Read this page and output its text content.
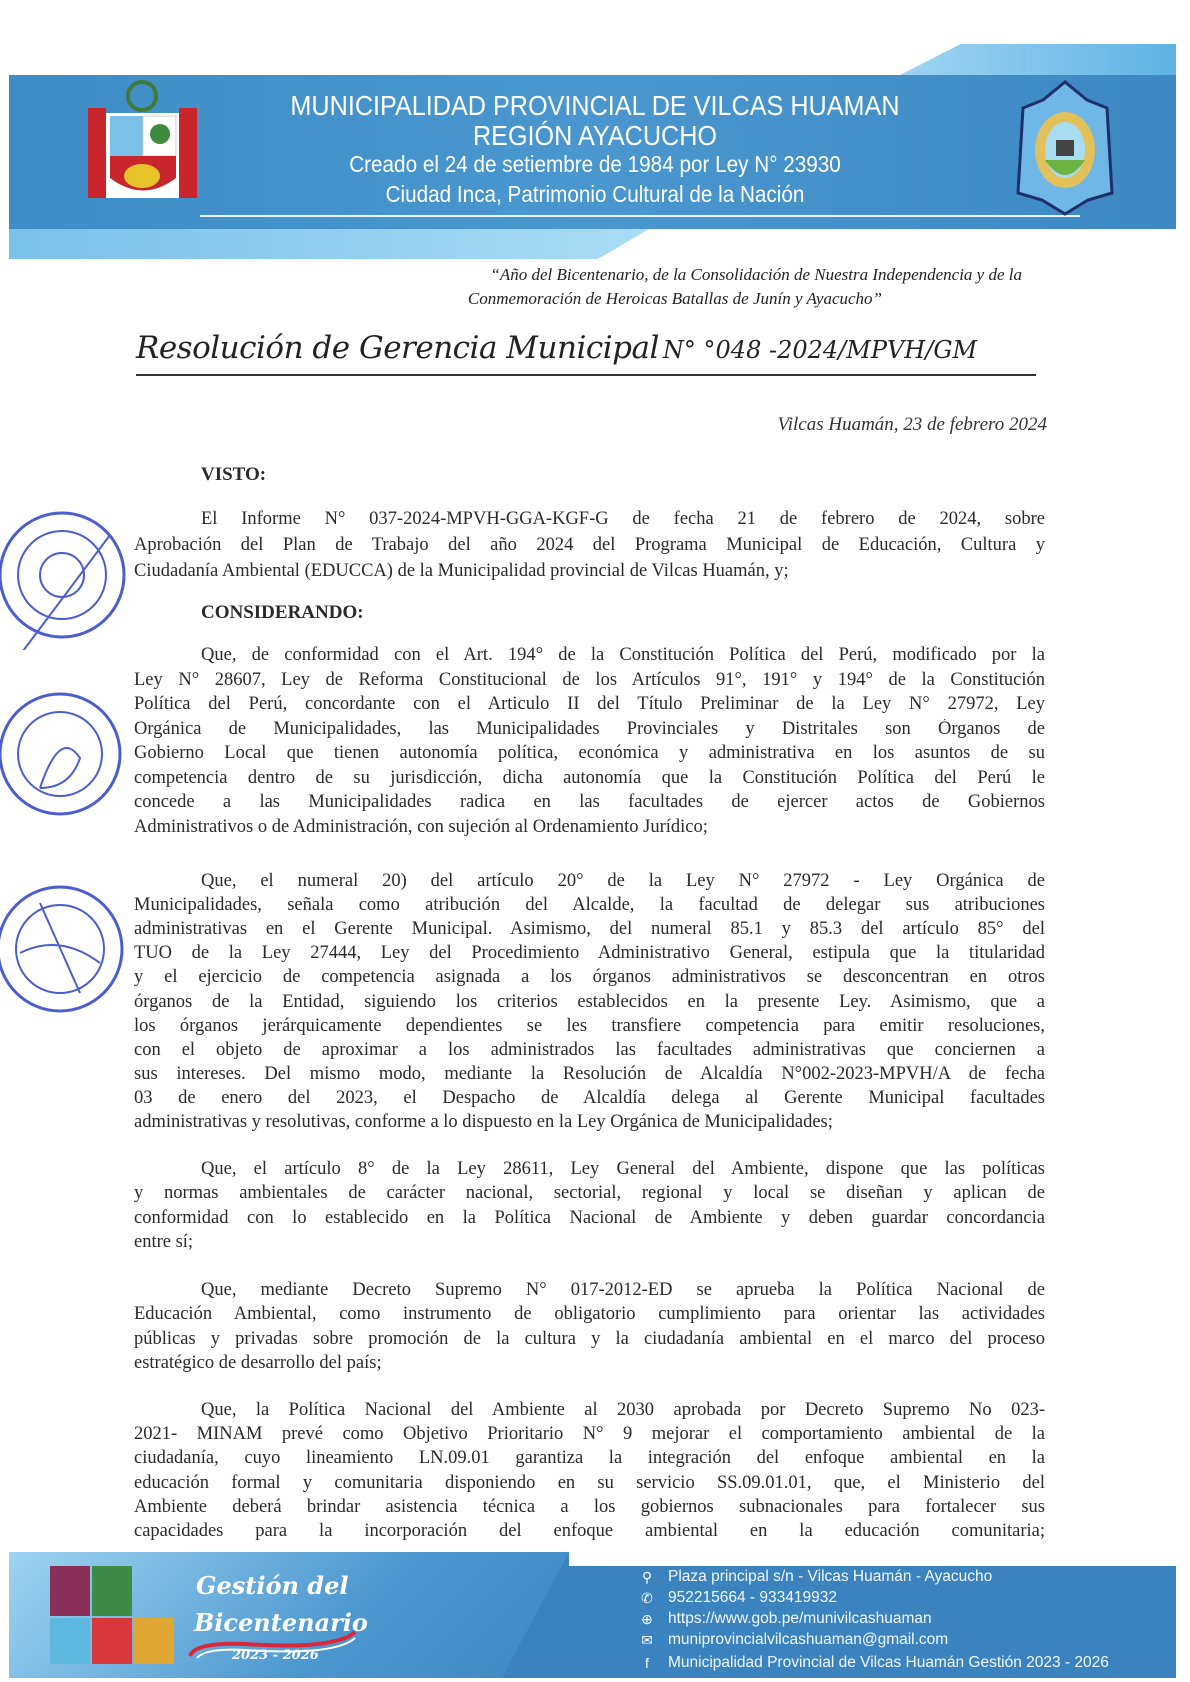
MUNICIPALIDAD PROVINCIAL DE VILCAS HUAMAN
REGIÓN AYACUCHO
Creado el 24 de setiembre de 1984 por Ley N° 23930
Ciudad Inca, Patrimonio Cultural de la Nación
“Año del Bicentenario, de la Consolidación de Nuestra Independencia y de la
Conmemoración de Heroicas Batallas de Junín y Ayacucho”
Resolución de Gerencia Municipal N° °048 -2024/MPVH/GM
Vilcas Huamán, 23 de febrero 2024
VISTO:
El Informe N° 037-2024-MPVH-GGA-KGF-G de fecha 21 de febrero de 2024, sobre
Aprobación del Plan de Trabajo del año 2024 del Programa Municipal de Educación, Cultura y
Ciudadanía Ambiental (EDUCCA) de la Municipalidad provincial de Vilcas Huamán, y;
CONSIDERANDO:
Que, de conformidad con el Art. 194° de la Constitución Política del Perú, modificado por la
Ley N° 28607, Ley de Reforma Constitucional de los Artículos 91°, 191° y 194° de la Constitución
Política del Perú, concordante con el Articulo II del Título Preliminar de la Ley N° 27972, Ley
Orgánica de Municipalidades, las Municipalidades Provinciales y Distritales son Órganos de
Gobierno Local que tienen autonomía política, económica y administrativa en los asuntos de su
competencia dentro de su jurisdicción, dicha autonomía que la Constitución Política del Perú le
concede a las Municipalidades radica en las facultades de ejercer actos de Gobiernos
Administrativos o de Administración, con sujeción al Ordenamiento Jurídico;
Que, el numeral 20) del artículo 20° de la Ley N° 27972 - Ley Orgánica de
Municipalidades, señala como atribución del Alcalde, la facultad de delegar sus atribuciones
administrativas en el Gerente Municipal. Asimismo, del numeral 85.1 y 85.3 del artículo 85° del
TUO de la Ley 27444, Ley del Procedimiento Administrativo General, estipula que la titularidad
y el ejercicio de competencia asignada a los órganos administrativos se desconcentran en otros
órganos de la Entidad, siguiendo los criterios establecidos en la presente Ley. Asimismo, que a
los órganos jerárquicamente dependientes se les transfiere competencia para emitir resoluciones,
con el objeto de aproximar a los administrados las facultades administrativas que conciernen a
sus intereses. Del mismo modo, mediante la Resolución de Alcaldía N°002-2023-MPVH/A de fecha
03 de enero del 2023, el Despacho de Alcaldía delega al Gerente Municipal facultades
administrativas y resolutivas, conforme a lo dispuesto en la Ley Orgánica de Municipalidades;
Que, el artículo 8° de la Ley 28611, Ley General del Ambiente, dispone que las políticas
y normas ambientales de carácter nacional, sectorial, regional y local se diseñan y aplican de
conformidad con lo establecido en la Política Nacional de Ambiente y deben guardar concordancia
entre sí;
Que, mediante Decreto Supremo N° 017-2012-ED se aprueba la Política Nacional de
Educación Ambiental, como instrumento de obligatorio cumplimiento para orientar las actividades
públicas y privadas sobre promoción de la cultura y la ciudadanía ambiental en el marco del proceso
estratégico de desarrollo del país;
Que, la Política Nacional del Ambiente al 2030 aprobada por Decreto Supremo No 023-
2021- MINAM prevé como Objetivo Prioritario N° 9 mejorar el comportamiento ambiental de la
ciudadanía, cuyo lineamiento LN.09.01 garantiza la integración del enfoque ambiental en la
educación formal y comunitaria disponiendo en su servicio SS.09.01.01, que, el Ministerio del
Ambiente deberá brindar asistencia técnica a los gobiernos subnacionales para fortalecer sus
capacidades para la incorporación del enfoque ambiental en la educación comunitaria;
Gestión del
Bicentenario
2023 - 2026
⚲ Plaza principal s/n - Vilcas Huamán - Ayacucho
✆ 952215664 - 933419932
⊕ https://www.gob.pe/munivilcashuaman
✉ muniprovincialvilcashuaman@gmail.com
f	Municipalidad Provincial de Vilcas Huamán Gestión 2023 - 2026
